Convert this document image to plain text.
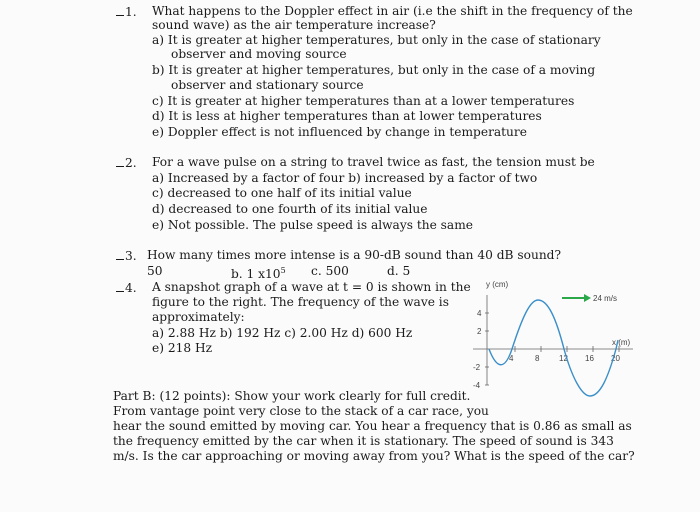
1. What happens to the Doppler effect in air (i.e the shift in the frequency of the
sound wave) as the air temperature increase?
a) It is greater at higher temperatures, but only in the case of stationary
observer and moving source
b) It is greater at higher temperatures, but only in the case of a moving
observer and stationary source
c) It is greater at higher temperatures than at a lower temperatures
d) It is less at higher temperatures than at lower temperatures
e) Doppler effect is not influenced by change in temperature
2. For a wave pulse on a string to travel twice as fast, the tension must be
a) Increased by a factor of four b) increased by a factor of two
c) decreased to one half of its initial value
d) decreased to one fourth of its initial value
e) Not possible. The pulse speed is always the same
3. How many times more intense is a 90-dB sound than 40 dB sound?
50	b. 1 $x10^5$ c. 500	d. 5
4. A snapshot graph of a wave at t = 0 is shown in the
figure to the right. The frequency of the wave is
approximately:
a) 2.88 Hz b) 192 Hz c) 2.00 Hz d) 600 Hz
e) 218 Hz
y (cm)
4
2
-2
-4
4	8 12 16 20
x (m)
24 m/s
Part B: (12 points): Show your work clearly for full credit.
From vantage point very close to the stack of a car race, you
hear the sound emitted by moving car. You hear a frequency that is 0.86 as small as
the frequency emitted by the car when it is stationary. The speed of sound is 343
m/s. Is the car approaching or moving away from you? What is the speed of the car?
